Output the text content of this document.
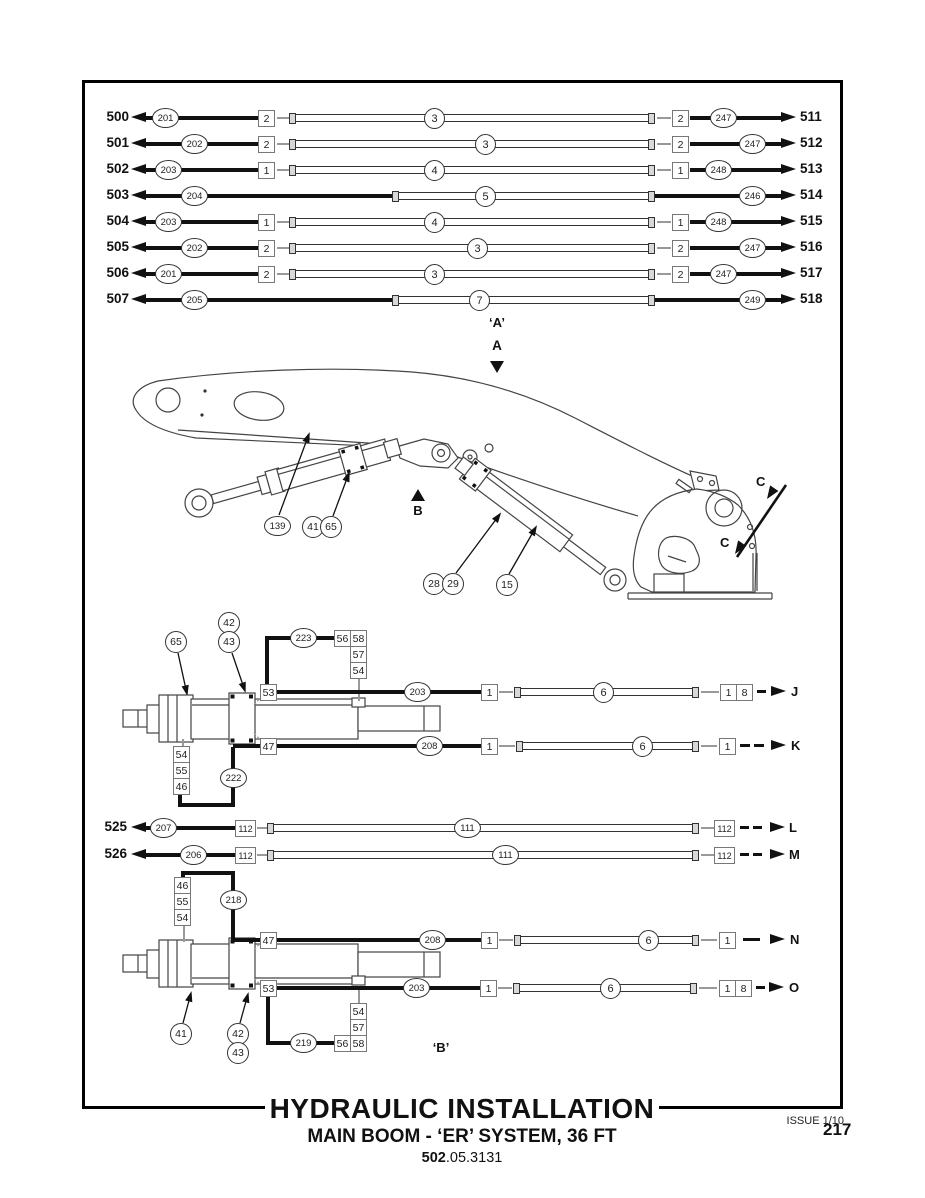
500	201	2	3	2	247	511
501	202	2	3	2	247	512
502	203	1	4	1	248	513
503	204	5	246	514
504	203	1	4	1	248	515
505	202	2	3	2	247	516
506	201	2	3	2	247	517
507	205	7	249	518
‘A’
A
139	41 65
28 29	15
B
C
C
65
42
43	223	56 58
57
54
53
47
54
55
46
222
203	1	6	1 8	J
208	1	6	1	K
525	207	112	111	112	L
526	206	112	111	112	M
218
46
55
54
47
53
219
54
57
56 58
41	42
43	‘B’
208	1	6	1	N
203	1	6	1 8	O
HYDRAULIC INSTALLATION
MAIN BOOM - ‘ER’ SYSTEM, 36 FT
502.05.3131
ISSUE 1/10
217
